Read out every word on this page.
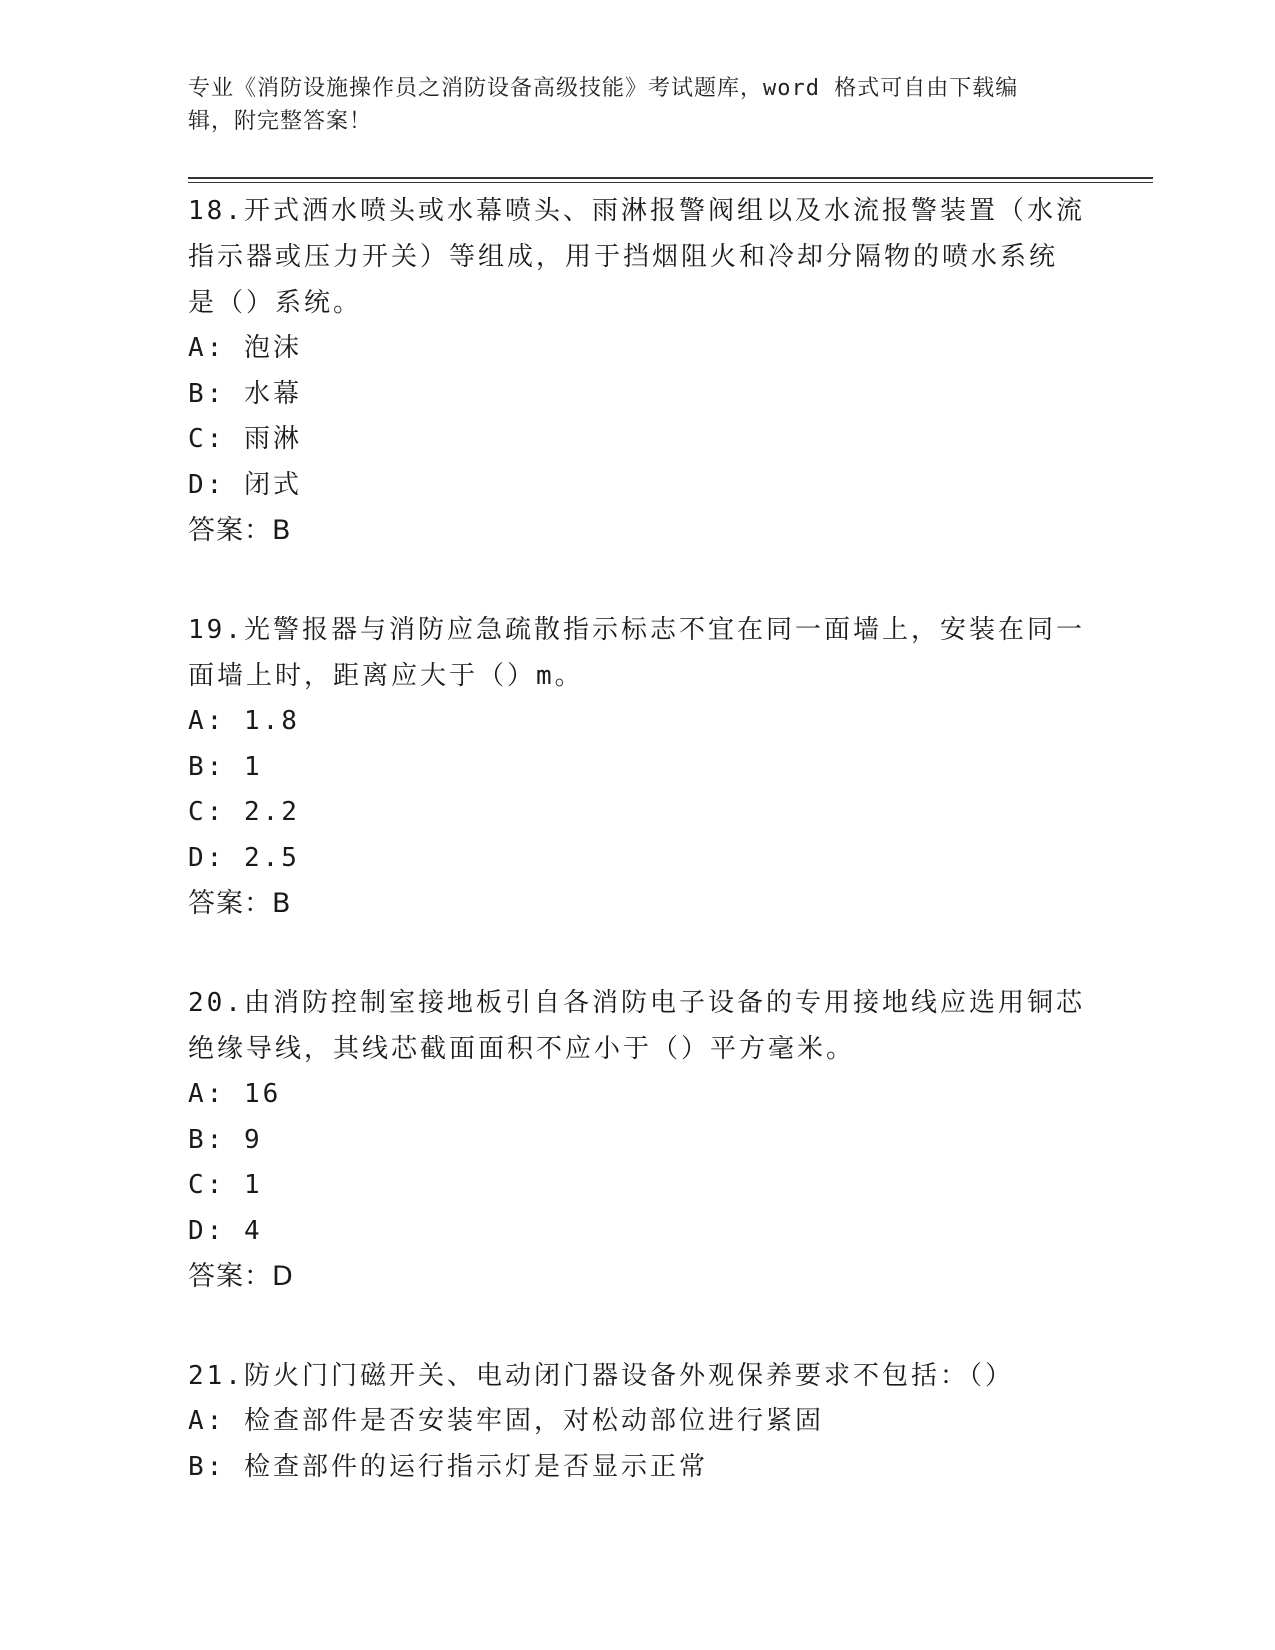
专业《消防设施操作员之消防设备高级技能》考试题库，word 格式可自由下载编
辑，附完整答案！
18.开式洒水喷头或水幕喷头、雨淋报警阀组以及水流报警装置（水流
指示器或压力开关）等组成，用于挡烟阻火和冷却分隔物的喷水系统
是（）系统。
A: 泡沫
B: 水幕
C: 雨淋
D: 闭式
答案：B
19.光警报器与消防应急疏散指示标志不宜在同一面墙上，安装在同一
面墙上时，距离应大于（）m。
A: 1.8
B: 1
C: 2.2
D: 2.5
答案：B
20.由消防控制室接地板引自各消防电子设备的专用接地线应选用铜芯
绝缘导线，其线芯截面面积不应小于（）平方毫米。
A: 16
B: 9
C: 1
D: 4
答案：D
21.防火门门磁开关、电动闭门器设备外观保养要求不包括：（）
A: 检查部件是否安装牢固，对松动部位进行紧固
B: 检查部件的运行指示灯是否显示正常
